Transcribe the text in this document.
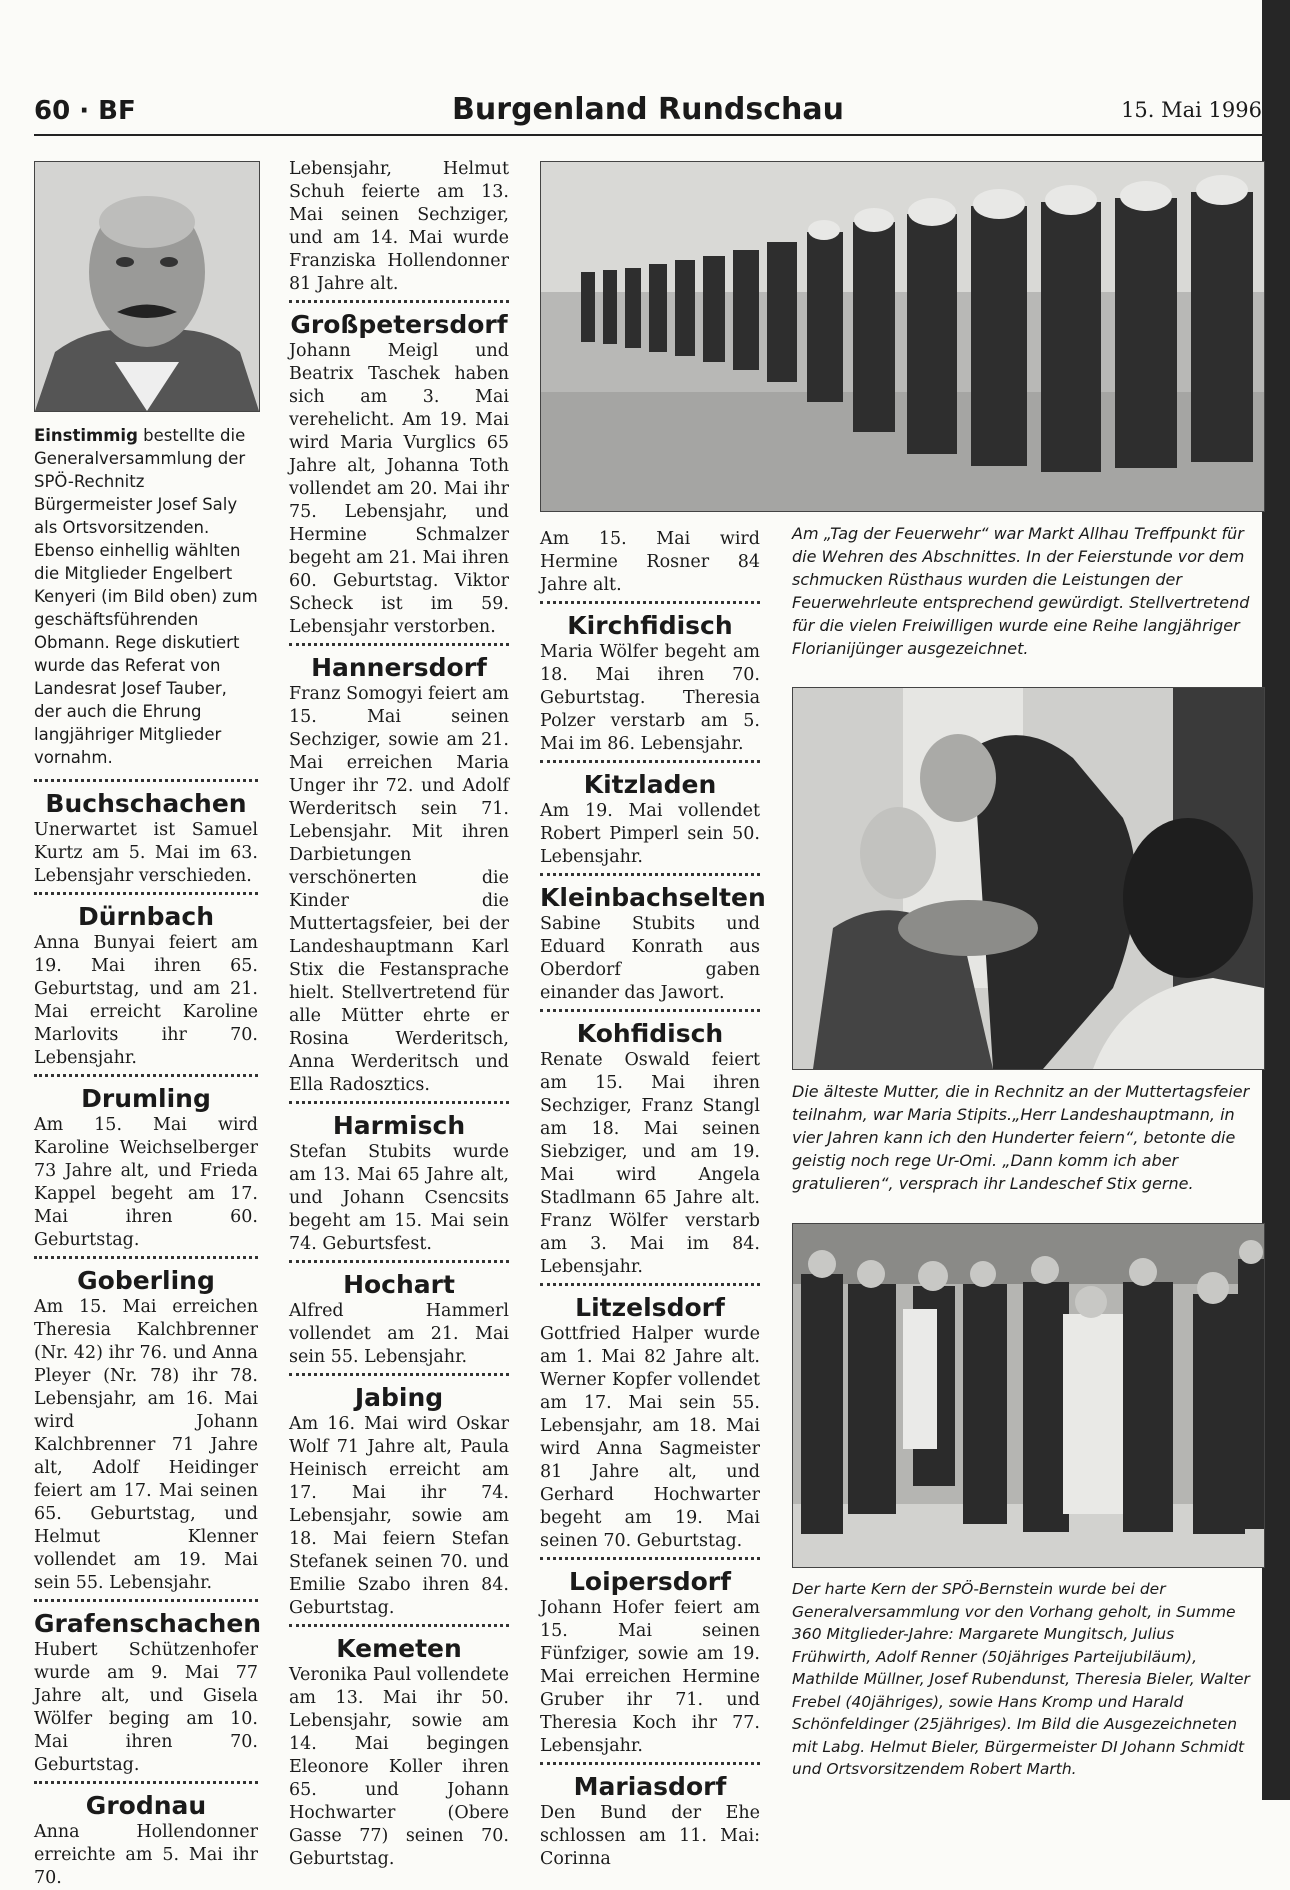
60 · BF	Burgenland Rundschau	15. Mai 1996

Einstimmig bestellte die Generalversammlung der SPÖ-Rechnitz Bürgermeister Josef Saly als Ortsvorsitzenden. Ebenso einhellig wählten die Mitglieder Engelbert Kenyeri (im Bild oben) zum geschäftsführenden Obmann. Rege diskutiert wurde das Referat von Landesrat Josef Tauber, der auch die Ehrung langjähriger Mitglieder vornahm.

Buchschachen

Unerwartet ist Samuel Kurtz am 5. Mai im 63. Lebensjahr verschieden.

Dürnbach

Anna Bunyai feiert am 19. Mai ihren 65. Geburtstag, und am 21. Mai erreicht Karoline Marlovits ihr 70. Lebensjahr.

Drumling

Am 15. Mai wird Karoline Weichselberger 73 Jahre alt, und Frieda Kappel begeht am 17. Mai ihren 60. Geburtstag.

Goberling

Am 15. Mai erreichen Theresia Kalchbrenner (Nr. 42) ihr 76. und Anna Pleyer (Nr. 78) ihr 78. Lebensjahr, am 16. Mai wird Johann Kalchbrenner 71 Jahre alt, Adolf Heidinger feiert am 17. Mai seinen 65. Geburtstag, und Helmut Klenner vollendet am 19. Mai sein 55. Lebensjahr.

Grafenschachen

Hubert Schützenhofer wurde am 9. Mai 77 Jahre alt, und Gisela Wölfer beging am 10. Mai ihren 70. Geburtstag.

Grodnau

Anna Hollendonner erreichte am 5. Mai ihr 70.

Lebensjahr, Helmut Schuh feierte am 13. Mai seinen Sechziger, und am 14. Mai wurde Franziska Hollendonner 81 Jahre alt.

Großpetersdorf

Johann Meigl und Beatrix Taschek haben sich am 3. Mai verehelicht. Am 19. Mai wird Maria Vurglics 65 Jahre alt, Johanna Toth vollendet am 20. Mai ihr 75. Lebensjahr, und Hermine Schmalzer begeht am 21. Mai ihren 60. Geburtstag. Viktor Scheck ist im 59. Lebensjahr verstorben.

Hannersdorf

Franz Somogyi feiert am 15. Mai seinen Sechziger, sowie am 21. Mai erreichen Maria Unger ihr 72. und Adolf Werderitsch sein 71. Lebensjahr. Mit ihren Darbietungen verschönerten die Kinder die Muttertagsfeier, bei der Landeshauptmann Karl Stix die Festansprache hielt. Stellvertretend für alle Mütter ehrte er Rosina Werderitsch, Anna Werderitsch und Ella Radosztics.

Harmisch

Stefan Stubits wurde am 13. Mai 65 Jahre alt, und Johann Csencsits begeht am 15. Mai sein 74. Geburtsfest.

Hochart

Alfred Hammerl vollendet am 21. Mai sein 55. Lebensjahr.

Jabing

Am 16. Mai wird Oskar Wolf 71 Jahre alt, Paula Heinisch erreicht am 17. Mai ihr 74. Lebensjahr, sowie am 18. Mai feiern Stefan Stefanek seinen 70. und Emilie Szabo ihren 84. Geburtstag.

Kemeten

Veronika Paul vollendete am 13. Mai ihr 50. Lebensjahr, sowie am 14. Mai begingen Eleonore Koller ihren 65. und Johann Hochwarter (Obere Gasse 77) seinen 70. Geburtstag.

Am 15. Mai wird Hermine Rosner 84 Jahre alt.

Kirchfidisch

Maria Wölfer begeht am 18. Mai ihren 70. Geburtstag. Theresia Polzer verstarb am 5. Mai im 86. Lebensjahr.

Kitzladen

Am 19. Mai vollendet Robert Pimperl sein 50. Lebensjahr.

Kleinbachselten

Sabine Stubits und Eduard Konrath aus Oberdorf gaben einander das Jawort.

Kohfidisch

Renate Oswald feiert am 15. Mai ihren Sechziger, Franz Stangl am 18. Mai seinen Siebziger, und am 19. Mai wird Angela Stadlmann 65 Jahre alt. Franz Wölfer verstarb am 3. Mai im 84. Lebensjahr.

Litzelsdorf

Gottfried Halper wurde am 1. Mai 82 Jahre alt. Werner Kopfer vollendet am 17. Mai sein 55. Lebensjahr, am 18. Mai wird Anna Sagmeister 81 Jahre alt, und Gerhard Hochwarter begeht am 19. Mai seinen 70. Geburtstag.

Loipersdorf

Johann Hofer feiert am 15. Mai seinen Fünfziger, sowie am 19. Mai erreichen Hermine Gruber ihr 71. und Theresia Koch ihr 77. Lebensjahr.

Mariasdorf

Den Bund der Ehe schlossen am 11. Mai: Corinna

Am „Tag der Feuerwehr“ war Markt Allhau Treffpunkt für die Wehren des Abschnittes. In der Feierstunde vor dem schmucken Rüsthaus wurden die Leistungen der Feuerwehrleute entsprechend gewürdigt. Stellvertretend für die vielen Freiwilligen wurde eine Reihe langjähriger Florianijünger ausgezeichnet.
Die älteste Mutter, die in Rechnitz an der Muttertagsfeier teilnahm, war Maria Stipits.„Herr Landeshauptmann, in vier Jahren kann ich den Hunderter feiern“, betonte die geistig noch rege Ur-Omi. „Dann komm ich aber gratulieren“, versprach ihr Landeschef Stix gerne.
Der harte Kern der SPÖ-Bernstein wurde bei der Generalversammlung vor den Vorhang geholt, in Summe 360 Mitglieder-Jahre: Margarete Mungitsch, Julius Frühwirth, Adolf Renner (50jähriges Parteijubiläum), Mathilde Müllner, Josef Rubendunst, Theresia Bieler, Walter Frebel (40jähriges), sowie Hans Kromp und Harald Schönfeldinger (25jähriges). Im Bild die Ausgezeichneten mit Labg. Helmut Bieler, Bürgermeister DI Johann Schmidt und Ortsvorsitzendem Robert Marth.
